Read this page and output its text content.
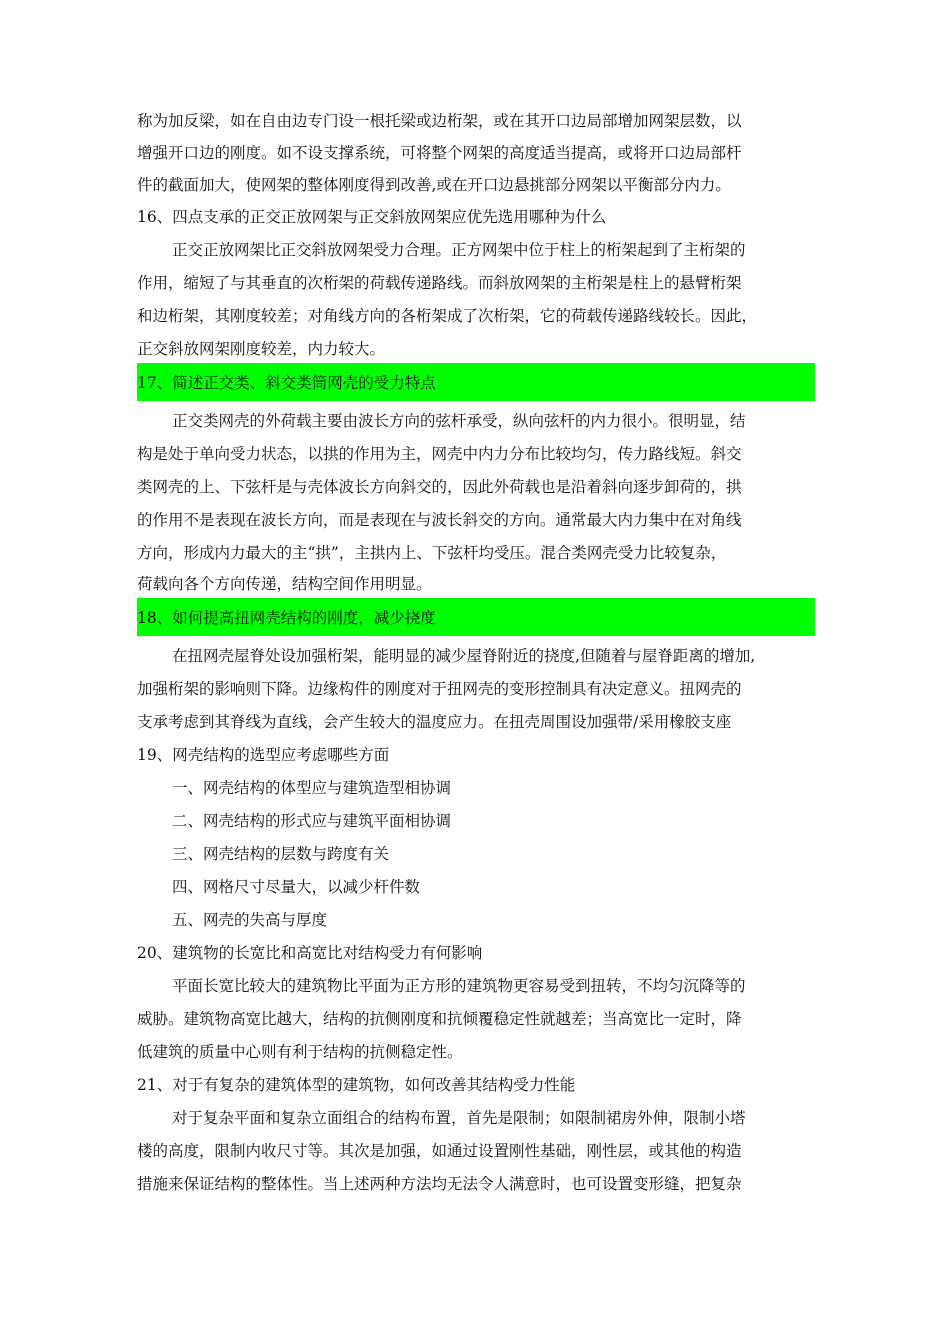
称为加反梁，如在自由边专门设一根托梁或边桁架，或在其开口边局部增加网架层数，以
增强开口边的刚度。如不设支撑系统，可将整个网架的高度适当提高，或将开口边局部杆
件的截面加大，使网架的整体刚度得到改善,或在开口边悬挑部分网架以平衡部分内力。
16、四点支承的正交正放网架与正交斜放网架应优先选用哪种为什么
正交正放网架比正交斜放网架受力合理。正方网架中位于柱上的桁架起到了主桁架的
作用，缩短了与其垂直的次桁架的荷载传递路线。而斜放网架的主桁架是柱上的悬臂桁架
和边桁架，其刚度较差；对角线方向的各桁架成了次桁架，它的荷载传递路线较长。因此，
正交斜放网架刚度较差，内力较大。
17、简述正交类、斜交类筒网壳的受力特点
正交类网壳的外荷载主要由波长方向的弦杆承受，纵向弦杆的内力很小。很明显，结
构是处于单向受力状态，以拱的作用为主，网壳中内力分布比较均匀，传力路线短。斜交
类网壳的上、下弦杆是与壳体波长方向斜交的，因此外荷载也是沿着斜向逐步卸荷的，拱
的作用不是表现在波长方向，而是表现在与波长斜交的方向。通常最大内力集中在对角线
方向，形成内力最大的主“拱”，主拱内上、下弦杆均受压。混合类网壳受力比较复杂，
荷载向各个方向传递，结构空间作用明显。
18、如何提高扭网壳结构的刚度，减少挠度
在扭网壳屋脊处设加强桁架，能明显的减少屋脊附近的挠度,但随着与屋脊距离的增加,
加强桁架的影响则下降。边缘构件的刚度对于扭网壳的变形控制具有决定意义。扭网壳的
支承考虑到其脊线为直线，会产生较大的温度应力。在扭壳周围设加强带/采用橡胶支座
19、网壳结构的选型应考虑哪些方面
一、网壳结构的体型应与建筑造型相协调
二、网壳结构的形式应与建筑平面相协调
三、网壳结构的层数与跨度有关
四、网格尺寸尽量大，以减少杆件数
五、网壳的失高与厚度
20、建筑物的长宽比和高宽比对结构受力有何影响
平面长宽比较大的建筑物比平面为正方形的建筑物更容易受到扭转，不均匀沉降等的
威胁。建筑物高宽比越大，结构的抗侧刚度和抗倾覆稳定性就越差；当高宽比一定时，降
低建筑的质量中心则有利于结构的抗侧稳定性。
21、对于有复杂的建筑体型的建筑物，如何改善其结构受力性能
对于复杂平面和复杂立面组合的结构布置，首先是限制；如限制裙房外伸，限制小塔
楼的高度，限制内收尺寸等。其次是加强，如通过设置刚性基础，刚性层，或其他的构造
措施来保证结构的整体性。当上述两种方法均无法令人满意时，也可设置变形缝，把复杂
